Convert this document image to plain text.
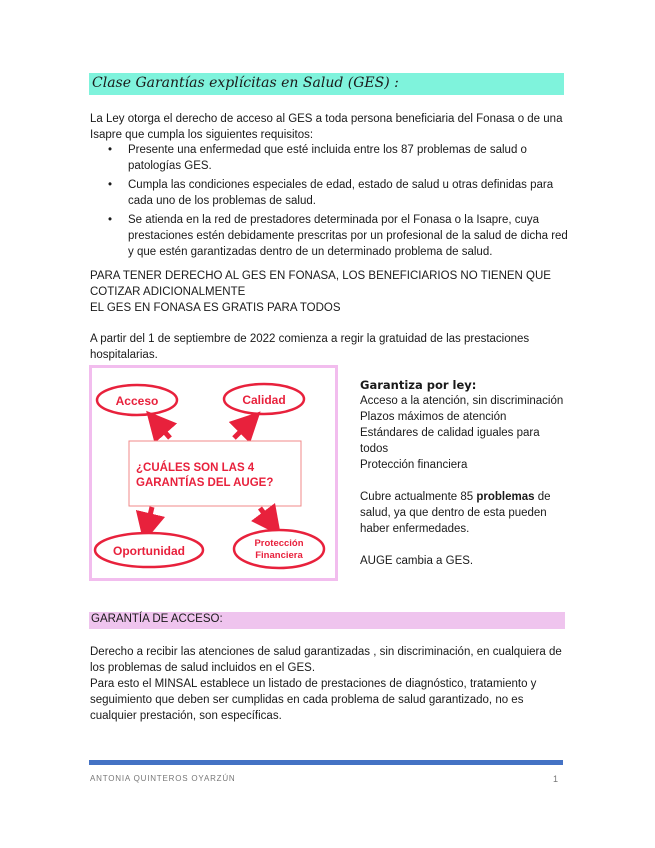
Clase Garantías explícitas en Salud (GES) :

La Ley otorga el derecho de acceso al GES a toda persona beneficiaria del Fonasa o de una Isapre que cumpla los siguientes requisitos:

• Presente una enfermedad que esté incluida entre los 87 problemas de salud o patologías GES.
• Cumpla las condiciones especiales de edad, estado de salud u otras definidas para cada uno de los problemas de salud.
• Se atienda en la red de prestadores determinada por el Fonasa o la Isapre, cuya prestaciones estén debidamente prescritas por un profesional de la salud de dicha red y que estén garantizadas dentro de un determinado problema de salud.

PARA TENER DERECHO AL GES EN FONASA, LOS BENEFICIARIOS NO TIENEN QUE COTIZAR ADICIONALMENTE

EL GES EN FONASA ES GRATIS PARA TODOS

A partir del 1 de septiembre de 2022 comienza a regir la gratuidad de las prestaciones hospitalarias.

Acceso	Calidad
¿CUÁLES SON LAS 4
GARANTÍAS DEL AUGE?
Oportunidad
Protección
Financiera
Garantiza por ley:
Acceso a la atención, sin discriminación
Plazos máximos de atención
Estándares de calidad iguales para todos
Protección financiera
Cubre actualmente 85 problemas de salud, ya que dentro de esta pueden haber enfermedades.
AUGE cambia a GES.
GARANTÍA DE ACCESO:

Derecho a recibir las atenciones de salud garantizadas , sin discriminación, en cualquiera de los problemas de salud incluidos en el GES.

Para esto el MINSAL establece un listado de prestaciones de diagnóstico, tratamiento y seguimiento que deben ser cumplidas en cada problema de salud garantizado, no es cualquier prestación, son específicas.

ANTONIA QUINTEROS OYARZÚN	1
